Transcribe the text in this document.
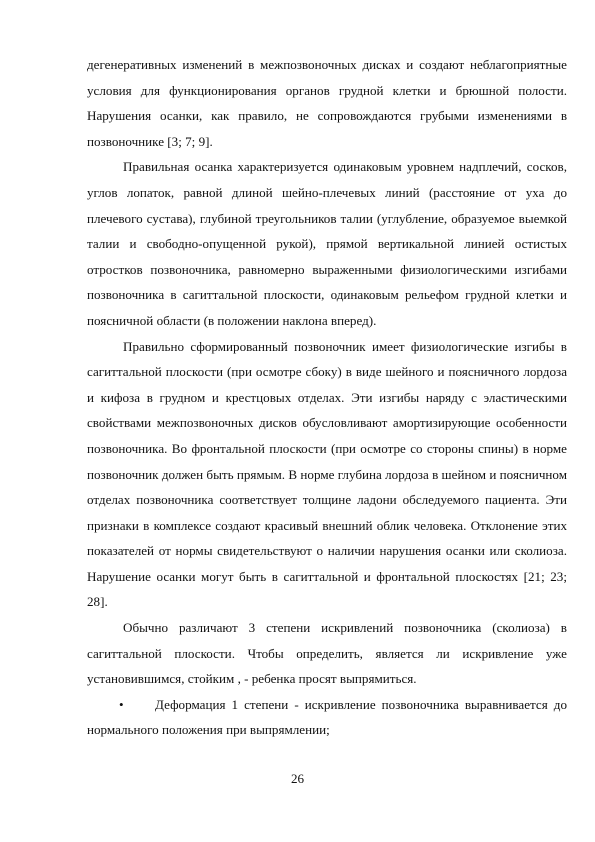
дегенеративных изменений в межпозвоночных дисках и создают неблагоприятные условия для функционирования органов грудной клетки и брюшной полости. Нарушения осанки, как правило, не сопровождаются грубыми изменениями в позвоночнике [3; 7; 9].

Правильная осанка характеризуется одинаковым уровнем надплечий, сосков, углов лопаток, равной длиной шейно-плечевых линий (расстояние от уха до плечевого сустава), глубиной треугольников талии (углубление, образуемое выемкой талии и свободно-опущенной рукой), прямой вертикальной линией остистых отростков позвоночника, равномерно выраженными физиологическими изгибами позвоночника в сагиттальной плоскости, одинаковым рельефом грудной клетки и поясничной области (в положении наклона вперед).

Правильно сформированный позвоночник имеет физиологические изгибы в сагиттальной плоскости (при осмотре сбоку) в виде шейного и поясничного лордоза и кифоза в грудном и крестцовых отделах. Эти изгибы наряду с эластическими свойствами межпозвоночных дисков обусловливают амортизирующие особенности позвоночника. Во фронтальной плоскости (при осмотре со стороны спины) в норме позвоночник должен быть прямым. В норме глубина лордоза в шейном и поясничном отделах позвоночника соответствует толщине ладони обследуемого пациента. Эти признаки в комплексе создают красивый внешний облик человека. Отклонение этих показателей от нормы свидетельствуют о наличии нарушения осанки или сколиоза. Нарушение осанки могут быть в сагиттальной и фронтальной плоскостях [21; 23; 28].

Обычно различают 3 степени искривлений позвоночника (сколиоза) в сагиттальной плоскости. Чтобы определить, является ли искривление уже установившимся, стойким , - ребенка просят выпрямиться.

• Деформация 1 степени - искривление позвоночника выравнивается до нормального положения при выпрямлении;

26
